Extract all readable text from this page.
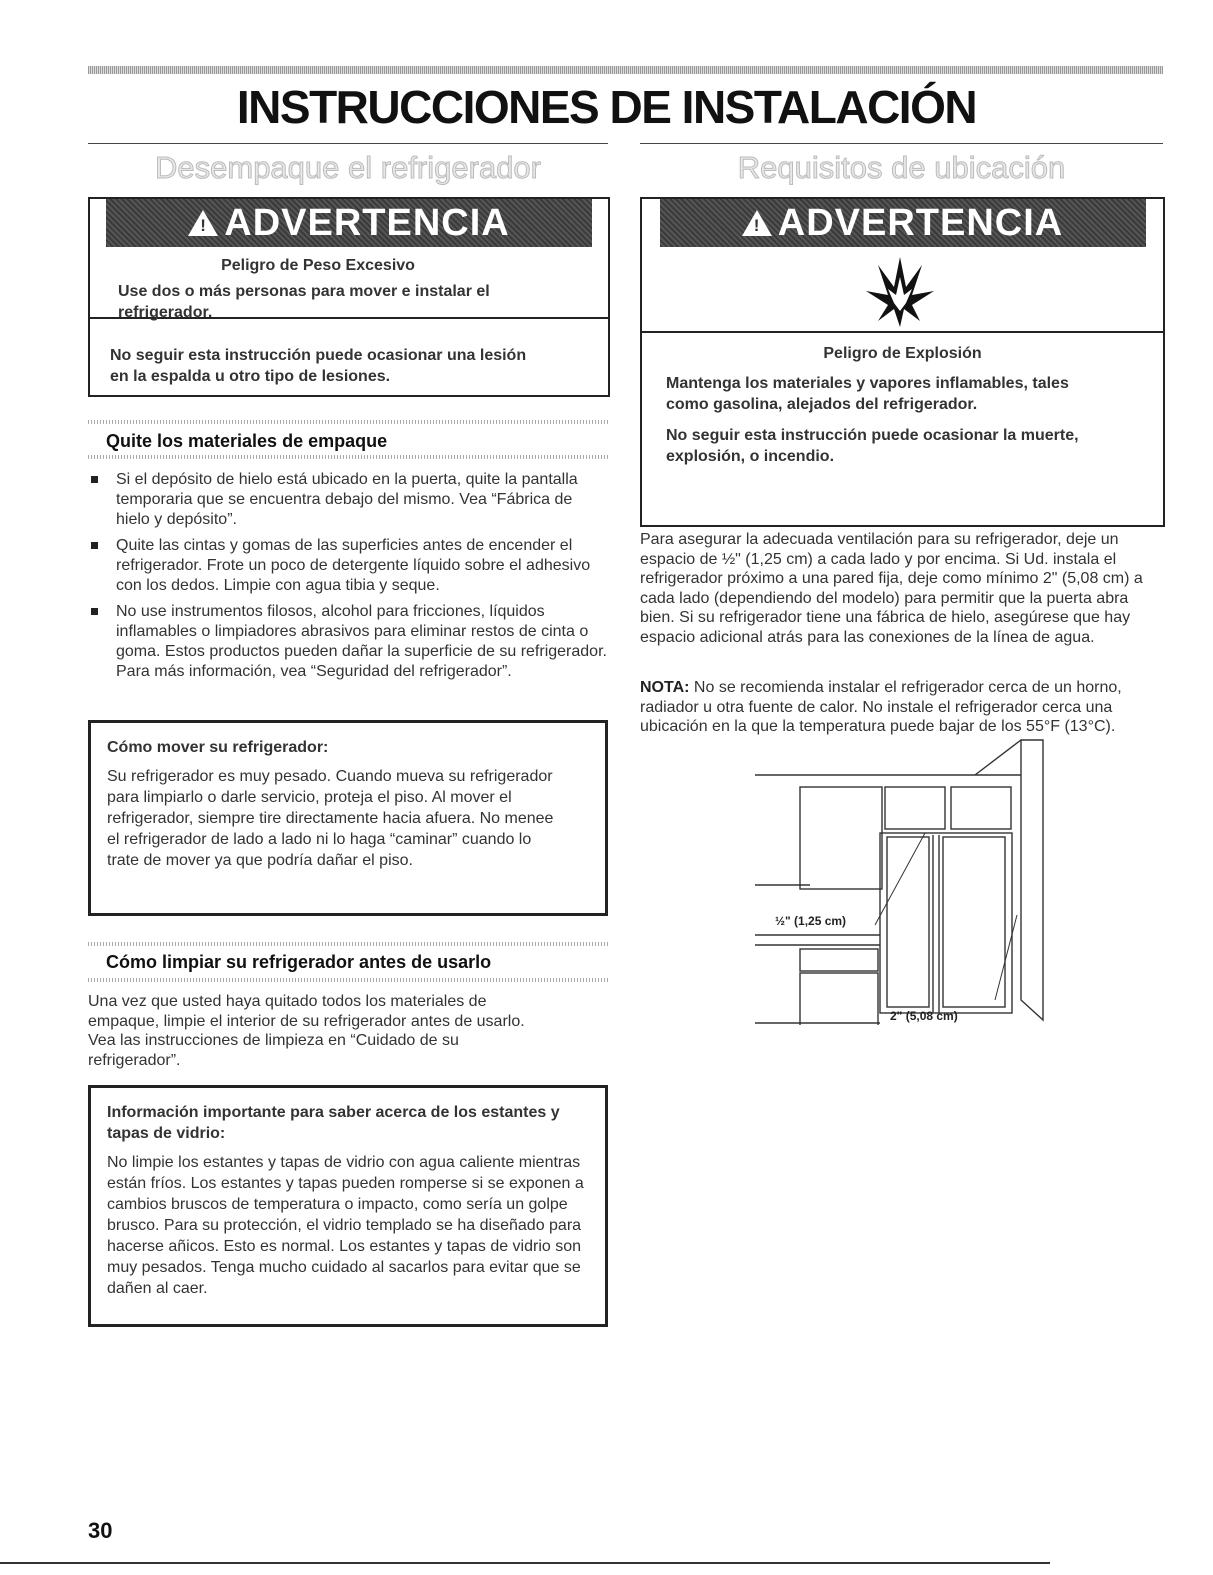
INSTRUCCIONES DE INSTALACIÓN
Desempaque el refrigerador
!
ADVERTENCIA
Peligro de Peso Excesivo
Use dos o más personas para mover e instalar el refrigerador.
No seguir esta instrucción puede ocasionar una lesión en la espalda u otro tipo de lesiones.
Quite los materiales de empaque
Si el depósito de hielo está ubicado en la puerta, quite la pantalla temporaria que se encuentra debajo del mismo. Vea “Fábrica de hielo y depósito”.
Quite las cintas y gomas de las superficies antes de encender el refrigerador. Frote un poco de detergente líquido sobre el adhesivo con los dedos. Limpie con agua tibia y seque.
No use instrumentos filosos, alcohol para fricciones, líquidos inflamables o limpiadores abrasivos para eliminar restos de cinta o goma. Estos productos pueden dañar la superficie de su refrigerador. Para más información, vea “Seguridad del refrigerador”.
Cómo mover su refrigerador:
Su refrigerador es muy pesado. Cuando mueva su refrigerador para limpiarlo o darle servicio, proteja el piso. Al mover el refrigerador, siempre tire directamente hacia afuera. No menee el refrigerador de lado a lado ni lo haga “caminar” cuando lo trate de mover ya que podría dañar el piso.
Cómo limpiar su refrigerador antes de usarlo

Una vez que usted haya quitado todos los materiales de empaque, limpie el interior de su refrigerador antes de usarlo. Vea las instrucciones de limpieza en “Cuidado de su refrigerador”.

Información importante para saber acerca de los estantes y tapas de vidrio:
No limpie los estantes y tapas de vidrio con agua caliente mientras están fríos. Los estantes y tapas pueden romperse si se exponen a cambios bruscos de temperatura o impacto, como sería un golpe brusco. Para su protección, el vidrio templado se ha diseñado para hacerse añicos. Esto es normal. Los estantes y tapas de vidrio son muy pesados. Tenga mucho cuidado al sacarlos para evitar que se dañen al caer.
Requisitos de ubicación
!
ADVERTENCIA
Peligro de Explosión
Mantenga los materiales y vapores inflamables, tales como gasolina, alejados del refrigerador.
No seguir esta instrucción puede ocasionar la muerte, explosión, o incendio.

Para asegurar la adecuada ventilación para su refrigerador, deje un espacio de ½" (1,25 cm) a cada lado y por encima. Si Ud. instala el refrigerador próximo a una pared fija, deje como mínimo 2" (5,08 cm) a cada lado (dependiendo del modelo) para permitir que la puerta abra bien. Si su refrigerador tiene una fábrica de hielo, asegúrese que hay espacio adicional atrás para las conexiones de la línea de agua.

NOTA: No se recomienda instalar el refrigerador cerca de un horno, radiador u otra fuente de calor. No instale el refrigerador cerca una ubicación en la que la temperatura puede bajar de los 55°F (13°C).

½" (1,25 cm)
2" (5,08 cm)
30
